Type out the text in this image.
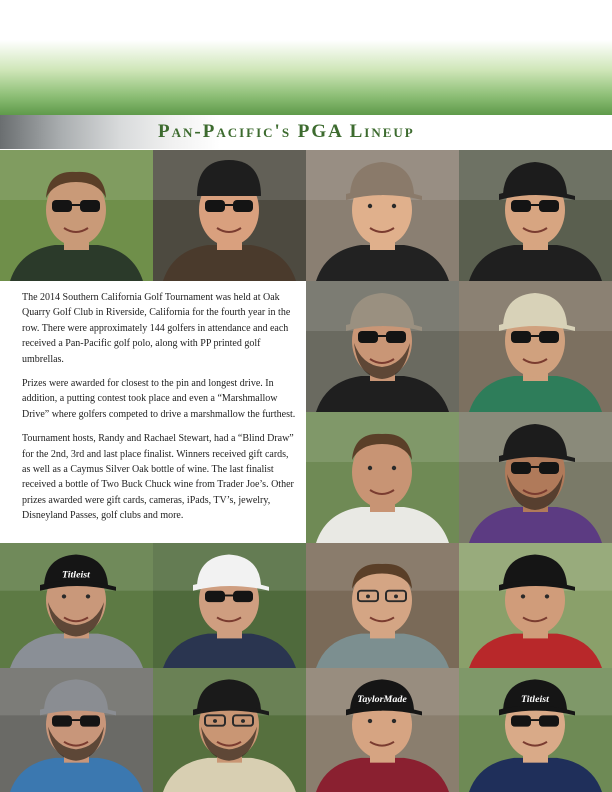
Pan-Pacific's PGA Lineup
Titleist
TaylorMade	Titleist

The 2014 Southern California Golf Tournament was held at Oak Quarry Golf Club in Riverside, California for the fourth year in the row. There were approximately 144 golfers in attendance and each received a Pan-Pacific golf polo, along with PP printed golf umbrellas.

Prizes were awarded for closest to the pin and longest drive. In addition, a putting contest took place and even a “Marshmallow Drive” where golfers competed to drive a marshmallow the furthest.

Tournament hosts, Randy and Rachael Stewart, had a “Blind Draw” for the 2nd, 3rd and last place finalist. Winners received gift cards, as well as a Caymus Silver Oak bottle of wine. The last finalist received a bottle of Two Buck Chuck wine from Trader Joe’s. Other prizes awarded were gift cards, cameras, iPads, TV’s, jewelry, Disneyland Passes, golf clubs and more.
